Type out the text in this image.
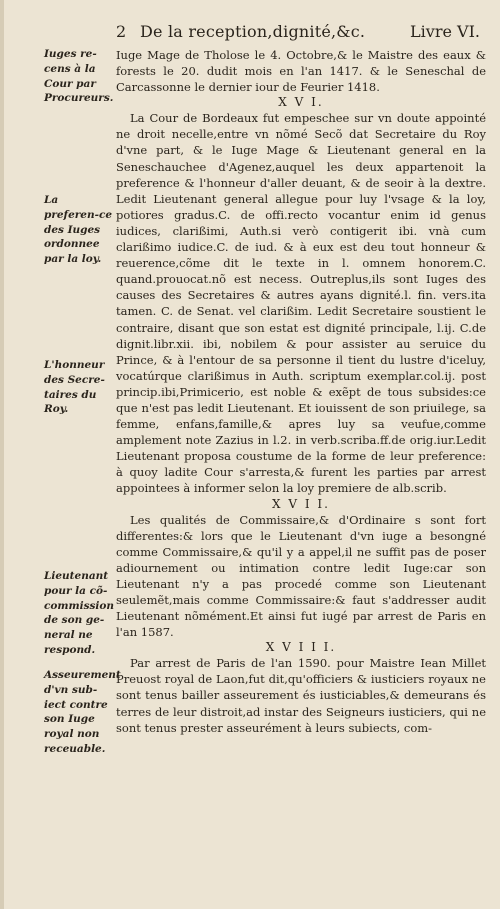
2 De la reception,dignité,&c.	Livre VI.
Iuges re-cens à la Cour par Procureurs.
La preferen-ce des Iuges ordonnee par la loy.
L'honneur des Secre-taires du Roy.
Lieutenant pour la cõ-commission de son ge-neral ne respond.
Asseurement d'vn sub-iect contre son Iuge royal non receuable.

Iuge Mage de Tholose le 4. Octobre,& le Maistre des eaux & forests le 20. dudit mois en l'an 1417. & le Seneschal de Carcassonne le dernier iour de Feurier 1418.

X V I.

La Cour de Bordeaux fut empeschee sur vn doute appointé ne droit necelle,entre vn nõmé Secõ dat Secretaire du Roy d'vne part, & le Iuge Mage & Lieutenant general en la Seneschauchee d'Agenez,auquel les deux appartenoit la preference & l'honneur d'aller deuant, & de seoir à la dextre. Ledit Lieutenant general allegue pour luy l'vsage & la loy, potiores gradus.C. de offi.recto vocantur enim id genus iudices, clarißimi, Auth.si verò contigerit ibi. vnà cum clarißimo iudice.C. de iud. & à eux est deu tout honneur & reuerence,cõme dit le texte in l. omnem honorem.C. quand.prouocat.nõ est necess. Outreplus,ils sont Iuges des causes des Secretaires & autres ayans dignité.l. fin. vers.ita tamen. C. de Senat. vel clarißim. Ledit Secretaire soustient le contraire, disant que son estat est dignité principale, l.ij. C.de dignit.libr.xii. ibi, nobilem & pour assister au seruice du Prince, & à l'entour de sa personne il tient du lustre d'iceluy, vocatúrque clarißimus in Auth. scriptum exemplar.col.ij. post princip.ibi,Primicerio, est noble & exẽpt de tous subsides:ce que n'est pas ledit Lieutenant. Et iouissent de son priuilege, sa femme, enfans,famille,& apres luy sa veufue,comme amplement note Zazius in l.2. in verb.scriba.ff.de orig.iur.Ledit Lieutenant proposa coustume de la forme de leur preference: à quoy ladite Cour s'arresta,& furent les parties par arrest appointees à informer selon la loy premiere de alb.scrib.

X V I I.

Les qualités de Commissaire,& d'Ordinaire s sont fort differentes:& lors que le Lieutenant d'vn iuge a besongné comme Commissaire,& qu'il y a appel,il ne suffit pas de poser adiournement ou intimation contre ledit Iuge:car son Lieutenant n'y a pas procedé comme son Lieutenant seulemẽt,mais comme Commissaire:& faut s'addresser audit Lieutenant nõmément.Et ainsi fut iugé par arrest de Paris en l'an 1587.

X V I I I.

Par arrest de Paris de l'an 1590. pour Maistre Iean Millet Preuost royal de Laon,fut dit,qu'officiers & iusticiers royaux ne sont tenus bailler asseurement és iusticiables,& demeurans és terres de leur distroit,ad instar des Seigneurs iusticiers, qui ne sont tenus prester asseurément à leurs subiects, com-
